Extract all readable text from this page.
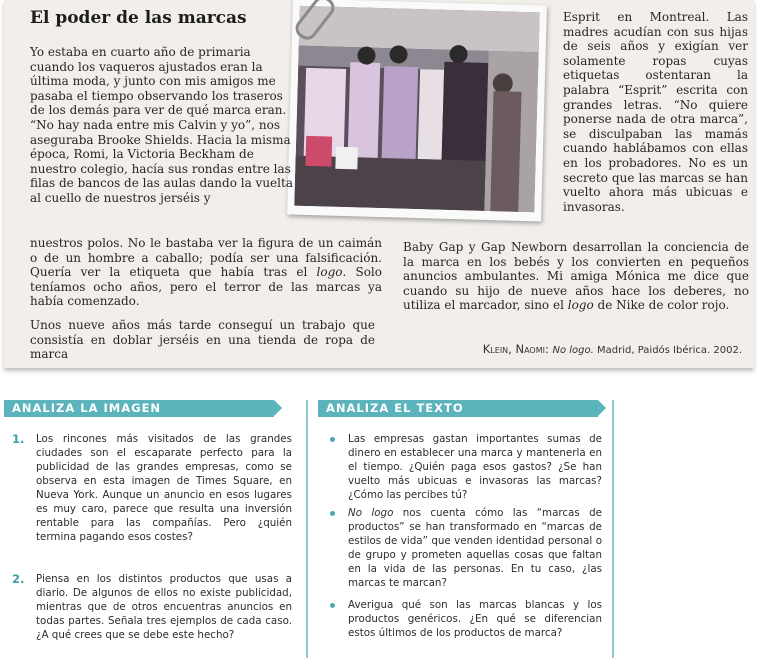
El poder de las marcas

Yo estaba en cuarto año de primaria cuando los vaqueros ajustados eran la última moda, y junto con mis amigos me pasaba el tiempo observando los traseros de los demás para ver de qué marca eran. “No hay nada entre mis Calvin y yo”, nos aseguraba Brooke Shields. Hacia la misma época, Romi, la Victoria Beckham de nuestro colegio, hacía sus rondas entre las filas de bancos de las aulas dando la vuelta al cuello de nuestros jerséis y

nuestros polos. No le bastaba ver la figura de un caimán o de un hombre a caballo; podía ser una falsificación. Quería ver la etiqueta que había tras el logo. Solo teníamos ocho años, pero el terror de las marcas ya había comenzado.

Unos nueve años más tarde conseguí un trabajo que consistía en doblar jerséis en una tienda de ropa de marca

Esprit en Montreal. Las madres acudían con sus hijas de seis años y exigían ver solamente ropas cuyas etiquetas ostentaran la palabra “Esprit” escrita con grandes letras. “No quiere ponerse nada de otra marca”, se disculpaban las mamás cuando hablábamos con ellas en los probadores. No es un secreto que las marcas se han vuelto ahora más ubicuas e invasoras.

Baby Gap y Gap Newborn desarrollan la conciencia de la marca en los bebés y los convierten en pequeños anuncios ambulantes. Mi amiga Mónica me dice que cuando su hijo de nueve años hace los deberes, no utiliza el marcador, sino el logo de Nike de color rojo.

Klein, Naomi: No logo. Madrid, Paidós Ibérica. 2002.
ANALIZA LA IMAGEN
1.	Los rincones más visitados de las grandes ciudades son el escaparate perfecto para la publicidad de las grandes empresas, como se observa en esta imagen de Times Square, en Nueva York. Aunque un anuncio en esos lugares es muy caro, parece que resulta una inversión rentable para las compañías. Pero ¿quién termina pagando esos costes?

2.	Piensa en los distintos productos que usas a diario. De algunos de ellos no existe publicidad, mientras que de otros encuentras anuncios en todas partes. Señala tres ejemplos de cada caso. ¿A qué crees que se debe este hecho?

ANALIZA EL TEXTO

Las empresas gastan importantes sumas de dinero en establecer una marca y mantenerla en el tiempo. ¿Quién paga esos gastos? ¿Se han vuelto más ubicuas e invasoras las marcas? ¿Cómo las percibes tú?

No logo nos cuenta cómo las “marcas de productos” se han transformado en “marcas de estilos de vida” que venden identidad personal o de grupo y prometen aquellas cosas que faltan en la vida de las personas. En tu caso, ¿las marcas te marcan?

Averigua qué son las marcas blancas y los productos genéricos. ¿En qué se diferencian estos últimos de los productos de marca?
